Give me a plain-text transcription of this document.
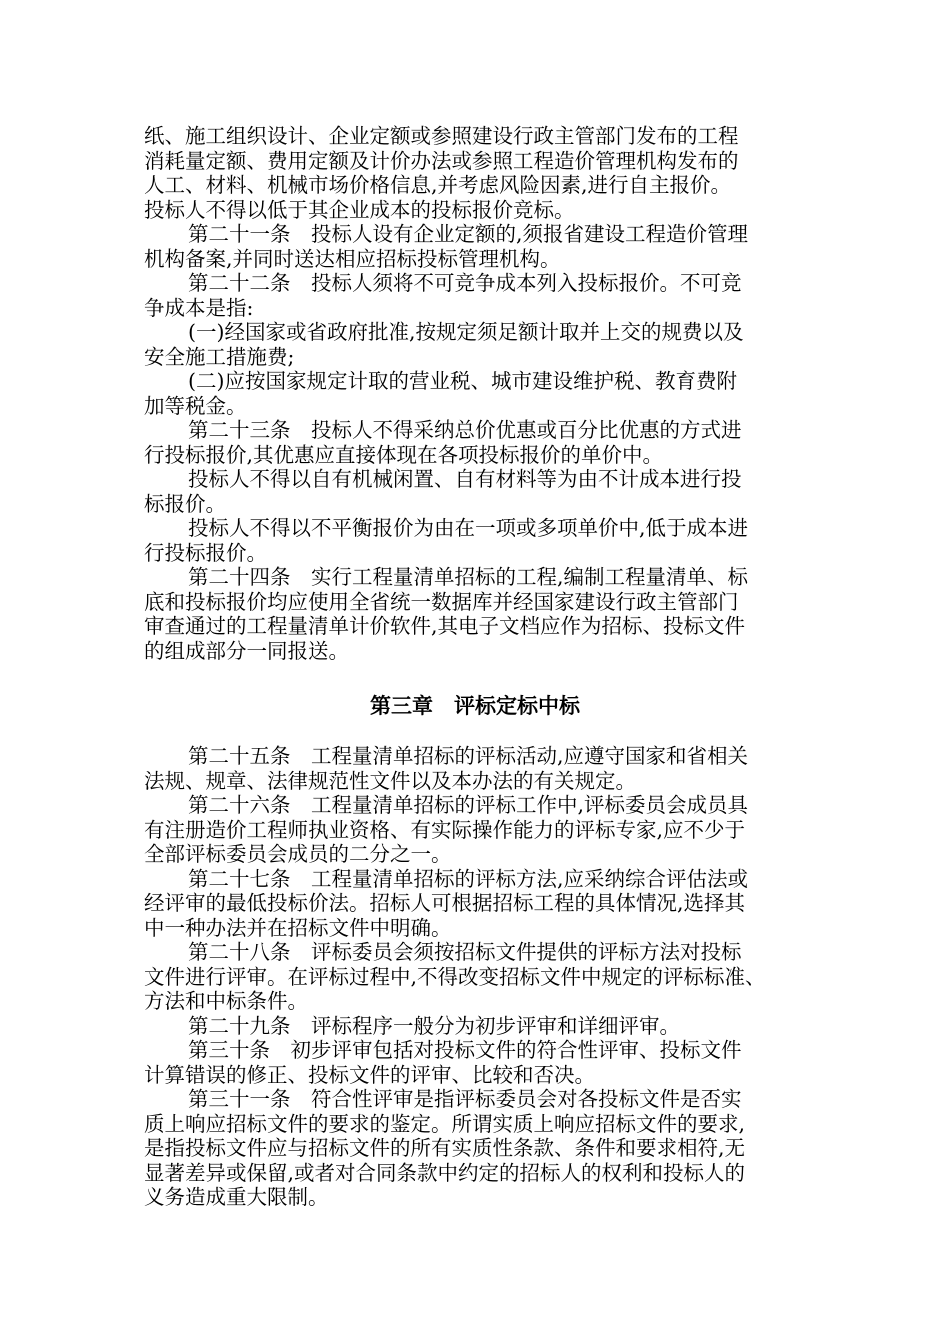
纸、施工组织设计、企业定额或参照建设行政主管部门发布的工程
消耗量定额、费用定额及计价办法或参照工程造价管理机构发布的
人工、材料、机械市场价格信息,并考虑风险因素,进行自主报价。
投标人不得以低于其企业成本的投标报价竞标。
第二十一条　投标人设有企业定额的,须报省建设工程造价管理
机构备案,并同时送达相应招标投标管理机构。
第二十二条　投标人须将不可竞争成本列入投标报价。不可竞
争成本是指:
(一)经国家或省政府批准,按规定须足额计取并上交的规费以及
安全施工措施费;
(二)应按国家规定计取的营业税、城市建设维护税、教育费附
加等税金。
第二十三条　投标人不得采纳总价优惠或百分比优惠的方式进
行投标报价,其优惠应直接体现在各项投标报价的单价中。
投标人不得以自有机械闲置、自有材料等为由不计成本进行投
标报价。
投标人不得以不平衡报价为由在一项或多项单价中,低于成本进
行投标报价。
第二十四条　实行工程量清单招标的工程,编制工程量清单、标
底和投标报价均应使用全省统一数据库并经国家建设行政主管部门
审查通过的工程量清单计价软件,其电子文档应作为招标、投标文件
的组成部分一同报送。
第三章　评标定标中标
第二十五条　工程量清单招标的评标活动,应遵守国家和省相关
法规、规章、法律规范性文件以及本办法的有关规定。
第二十六条　工程量清单招标的评标工作中,评标委员会成员具
有注册造价工程师执业资格、有实际操作能力的评标专家,应不少于
全部评标委员会成员的二分之一。
第二十七条　工程量清单招标的评标方法,应采纳综合评估法或
经评审的最低投标价法。招标人可根据招标工程的具体情况,选择其
中一种办法并在招标文件中明确。
第二十八条　评标委员会须按招标文件提供的评标方法对投标
文件进行评审。在评标过程中,不得改变招标文件中规定的评标标准、
方法和中标条件。
第二十九条　评标程序一般分为初步评审和详细评审。
第三十条　初步评审包括对投标文件的符合性评审、投标文件
计算错误的修正、投标文件的评审、比较和否决。
第三十一条　符合性评审是指评标委员会对各投标文件是否实
质上响应招标文件的要求的鉴定。所谓实质上响应招标文件的要求,
是指投标文件应与招标文件的所有实质性条款、条件和要求相符,无
显著差异或保留,或者对合同条款中约定的招标人的权利和投标人的
义务造成重大限制。
